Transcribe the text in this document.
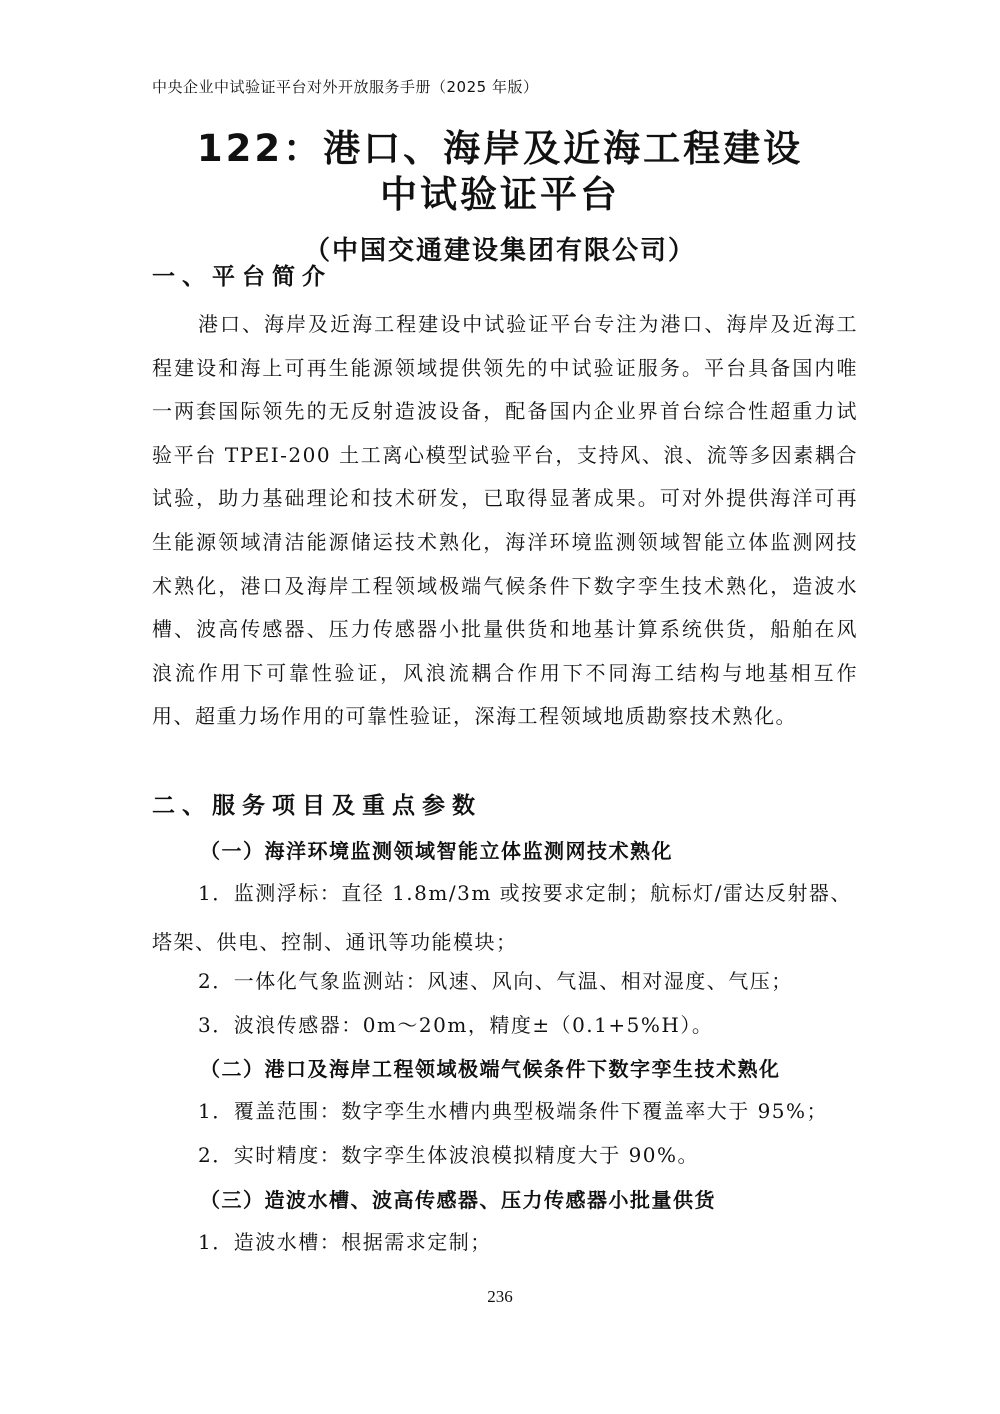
中央企业中试验证平台对外开放服务手册（2025 年版）
122：港口、海岸及近海工程建设
中试验证平台
（中国交通建设集团有限公司）
一、平台简介
港口、海岸及近海工程建设中试验证平台专注为港口、海岸及近海工程建设和海上可再生能源领域提供领先的中试验证服务。平台具备国内唯一两套国际领先的无反射造波设备，配备国内企业界首台综合性超重力试验平台 TPEI-200 土工离心模型试验平台，支持风、浪、流等多因素耦合试验，助力基础理论和技术研发，已取得显著成果。可对外提供海洋可再生能源领域清洁能源储运技术熟化，海洋环境监测领域智能立体监测网技术熟化，港口及海岸工程领域极端气候条件下数字孪生技术熟化，造波水槽、波高传感器、压力传感器小批量供货和地基计算系统供货，船舶在风浪流作用下可靠性验证，风浪流耦合作用下不同海工结构与地基相互作用、超重力场作用的可靠性验证，深海工程领域地质勘察技术熟化。
二、服务项目及重点参数
（一）海洋环境监测领域智能立体监测网技术熟化
1．监测浮标：直径 1.8m/3m 或按要求定制；航标灯/雷达反射器、
塔架、供电、控制、通讯等功能模块；
2．一体化气象监测站：风速、风向、气温、相对湿度、气压；
3．波浪传感器：0m～20m，精度±（0.1+5%H）。
（二）港口及海岸工程领域极端气候条件下数字孪生技术熟化
1．覆盖范围：数字孪生水槽内典型极端条件下覆盖率大于 95%；
2．实时精度：数字孪生体波浪模拟精度大于 90%。
（三）造波水槽、波高传感器、压力传感器小批量供货
1．造波水槽：根据需求定制；
236
